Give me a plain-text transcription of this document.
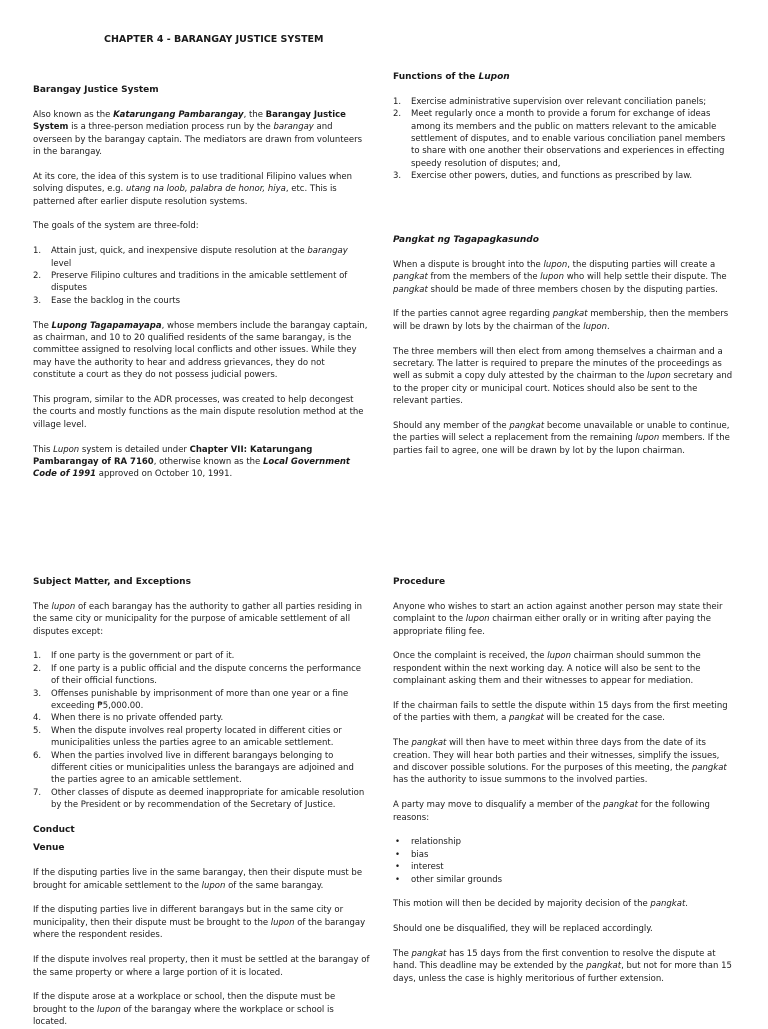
CHAPTER 4 - BARANGAY JUSTICE SYSTEM

Barangay Justice System

Also known as the Katarungang Pambarangay, the Barangay Justice System is a three-person mediation process run by the barangay and overseen by the barangay captain. The mediators are drawn from volunteers in the barangay.

At its core, the idea of this system is to use traditional Filipino values when solving disputes, e.g. utang na loob, palabra de honor, hiya, etc. This is patterned after earlier dispute resolution systems.

The goals of the system are three-fold:

1. Attain just, quick, and inexpensive dispute resolution at the barangay level
2. Preserve Filipino cultures and traditions in the amicable settlement of disputes
3. Ease the backlog in the courts

The Lupong Tagapamayapa, whose members include the barangay captain, as chairman, and 10 to 20 qualified residents of the same barangay, is the committee assigned to resolving local conflicts and other issues. While they may have the authority to hear and address grievances, they do not constitute a court as they do not possess judicial powers.

This program, similar to the ADR processes, was created to help decongest the courts and mostly functions as the main dispute resolution method at the village level.

This Lupon system is detailed under Chapter VII: Katarungang Pambarangay of RA 7160, otherwise known as the Local Government Code of 1991 approved on October 10, 1991.

Functions of the Lupon

1. Exercise administrative supervision over relevant conciliation panels;
2. Meet regularly once a month to provide a forum for exchange of ideas among its members and the public on matters relevant to the amicable settlement of disputes, and to enable various conciliation panel members to share with one another their observations and experiences in effecting speedy resolution of disputes; and,
3. Exercise other powers, duties, and functions as prescribed by law.

Pangkat ng Tagapagkasundo

When a dispute is brought into the lupon, the disputing parties will create a pangkat from the members of the lupon who will help settle their dispute. The pangkat should be made of three members chosen by the disputing parties.

If the parties cannot agree regarding pangkat membership, then the members will be drawn by lots by the chairman of the lupon.

The three members will then elect from among themselves a chairman and a secretary. The latter is required to prepare the minutes of the proceedings as well as submit a copy duly attested by the chairman to the lupon secretary and to the proper city or municipal court. Notices should also be sent to the relevant parties.

Should any member of the pangkat become unavailable or unable to continue, the parties will select a replacement from the remaining lupon members. If the parties fail to agree, one will be drawn by lot by the lupon chairman.

Subject Matter, and Exceptions

The lupon of each barangay has the authority to gather all parties residing in the same city or municipality for the purpose of amicable settlement of all disputes except:

1. If one party is the government or part of it.
2. If one party is a public official and the dispute concerns the performance of their official functions.
3. Offenses punishable by imprisonment of more than one year or a fine exceeding ₱5,000.00.
4. When there is no private offended party.
5. When the dispute involves real property located in different cities or municipalities unless the parties agree to an amicable settlement.
6. When the parties involved live in different barangays belonging to different cities or municipalities unless the barangays are adjoined and the parties agree to an amicable settlement.
7. Other classes of dispute as deemed inappropriate for amicable resolution by the President or by recommendation of the Secretary of Justice.

Conduct

Venue

If the disputing parties live in the same barangay, then their dispute must be brought for amicable settlement to the lupon of the same barangay.

If the disputing parties live in different barangays but in the same city or municipality, then their dispute must be brought to the lupon of the barangay where the respondent resides.

If the dispute involves real property, then it must be settled at the barangay of the same property or where a large portion of it is located.

If the dispute arose at a workplace or school, then the dispute must be brought to the lupon of the barangay where the workplace or school is located.

Procedure

Anyone who wishes to start an action against another person may state their complaint to the lupon chairman either orally or in writing after paying the appropriate filing fee.

Once the complaint is received, the lupon chairman should summon the respondent within the next working day. A notice will also be sent to the complainant asking them and their witnesses to appear for mediation.

If the chairman fails to settle the dispute within 15 days from the first meeting of the parties with them, a pangkat will be created for the case.

The pangkat will then have to meet within three days from the date of its creation. They will hear both parties and their witnesses, simplify the issues, and discover possible solutions. For the purposes of this meeting, the pangkat has the authority to issue summons to the involved parties.

A party may move to disqualify a member of the pangkat for the following reasons:

• relationship
• bias
• interest
• other similar grounds

This motion will then be decided by majority decision of the pangkat.

Should one be disqualified, they will be replaced accordingly.

The pangkat has 15 days from the first convention to resolve the dispute at hand. This deadline may be extended by the pangkat, but not for more than 15 days, unless the case is highly meritorious of further extension.
